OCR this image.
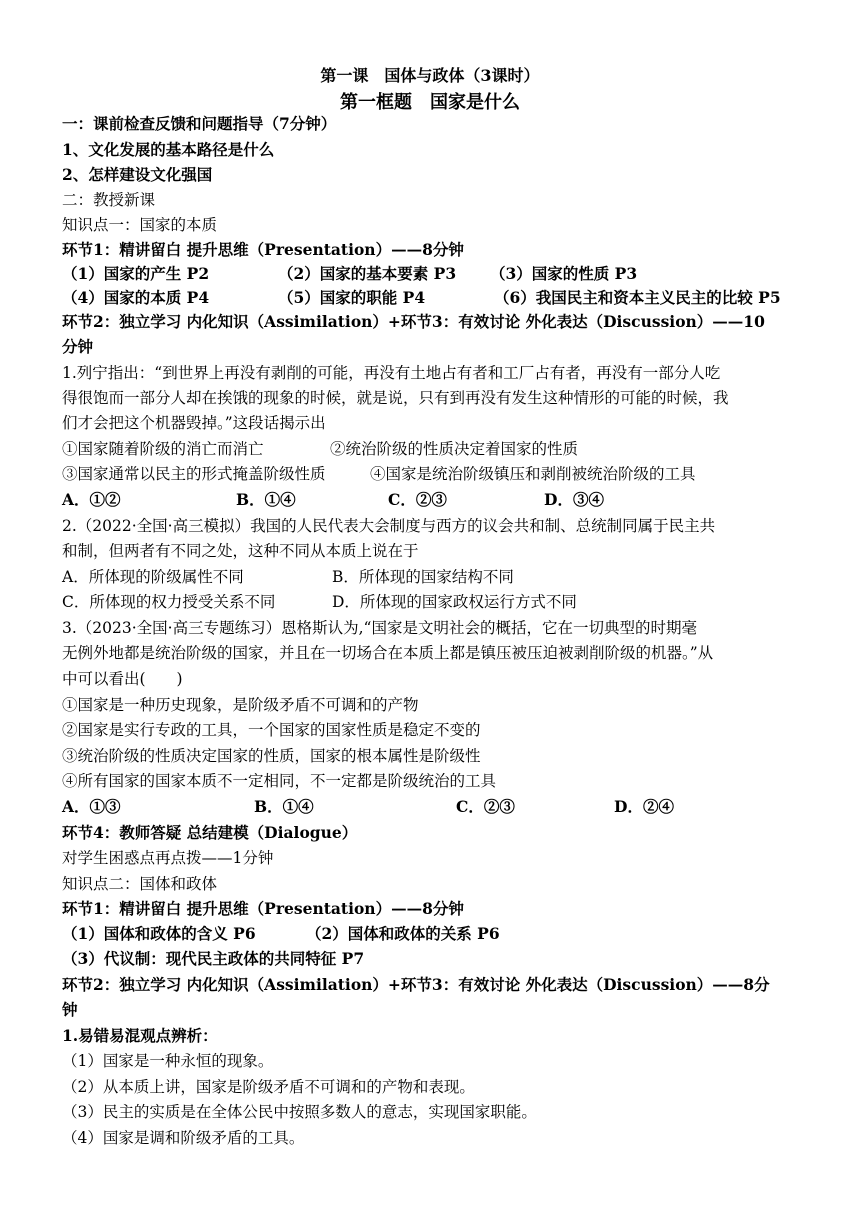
第一课　国体与政体（3课时）
第一框题　国家是什么
一：课前检查反馈和问题指导（7分钟）
1、文化发展的基本路径是什么
2、怎样建设文化强国
二：教授新课
知识点一：国家的本质
环节1：精讲留白 提升思维（Presentation）——8分钟
（1）国家的产生 P2	（2）国家的基本要素 P3 （3）国家的性质 P3
（4）国家的本质 P4	（5）国家的职能 P4	（6）我国民主和资本主义民主的比较 P5
环节2：独立学习 内化知识（Assimilation）+环节3：有效讨论 外化表达（Discussion）——10
分钟
1.列宁指出：“到世界上再没有剥削的可能，再没有土地占有者和工厂占有者，再没有一部分人吃
得很饱而一部分人却在挨饿的现象的时候，就是说，只有到再没有发生这种情形的可能的时候，我
们才会把这个机器毁掉。”这段话揭示出
①国家随着阶级的消亡而消亡	②统治阶级的性质决定着国家的性质
③国家通常以民主的形式掩盖阶级性质	④国家是统治阶级镇压和剥削被统治阶级的工具
A．①②	B．①④	C．②③	D．③④
2.（2022·全国·高三模拟）我国的人民代表大会制度与西方的议会共和制、总统制同属于民主共
和制，但两者有不同之处，这种不同从本质上说在于
A．所体现的阶级属性不同	B．所体现的国家结构不同
C．所体现的权力授受关系不同	D．所体现的国家政权运行方式不同
3.（2023·全国·高三专题练习）恩格斯认为,“国家是文明社会的概括，它在一切典型的时期毫
无例外地都是统治阶级的国家，并且在一切场合在本质上都是镇压被压迫被剥削阶级的机器。”从
中可以看出(　　)
①国家是一种历史现象，是阶级矛盾不可调和的产物
②国家是实行专政的工具，一个国家的国家性质是稳定不变的
③统治阶级的性质决定国家的性质，国家的根本属性是阶级性
④所有国家的国家本质不一定相同，不一定都是阶级统治的工具
A．①③	B．①④	C．②③	D．②④
环节4：教师答疑 总结建模（Dialogue）
对学生困惑点再点拨——1分钟
知识点二：国体和政体
环节1：精讲留白 提升思维（Presentation）——8分钟
（1）国体和政体的含义 P6	（2）国体和政体的关系 P6
（3）代议制：现代民主政体的共同特征 P7
环节2：独立学习 内化知识（Assimilation）+环节3：有效讨论 外化表达（Discussion）——8分
钟
1.易错易混观点辨析：
（1）国家是一种永恒的现象。
（2）从本质上讲，国家是阶级矛盾不可调和的产物和表现。
（3）民主的实质是在全体公民中按照多数人的意志，实现国家职能。
（4）国家是调和阶级矛盾的工具。
